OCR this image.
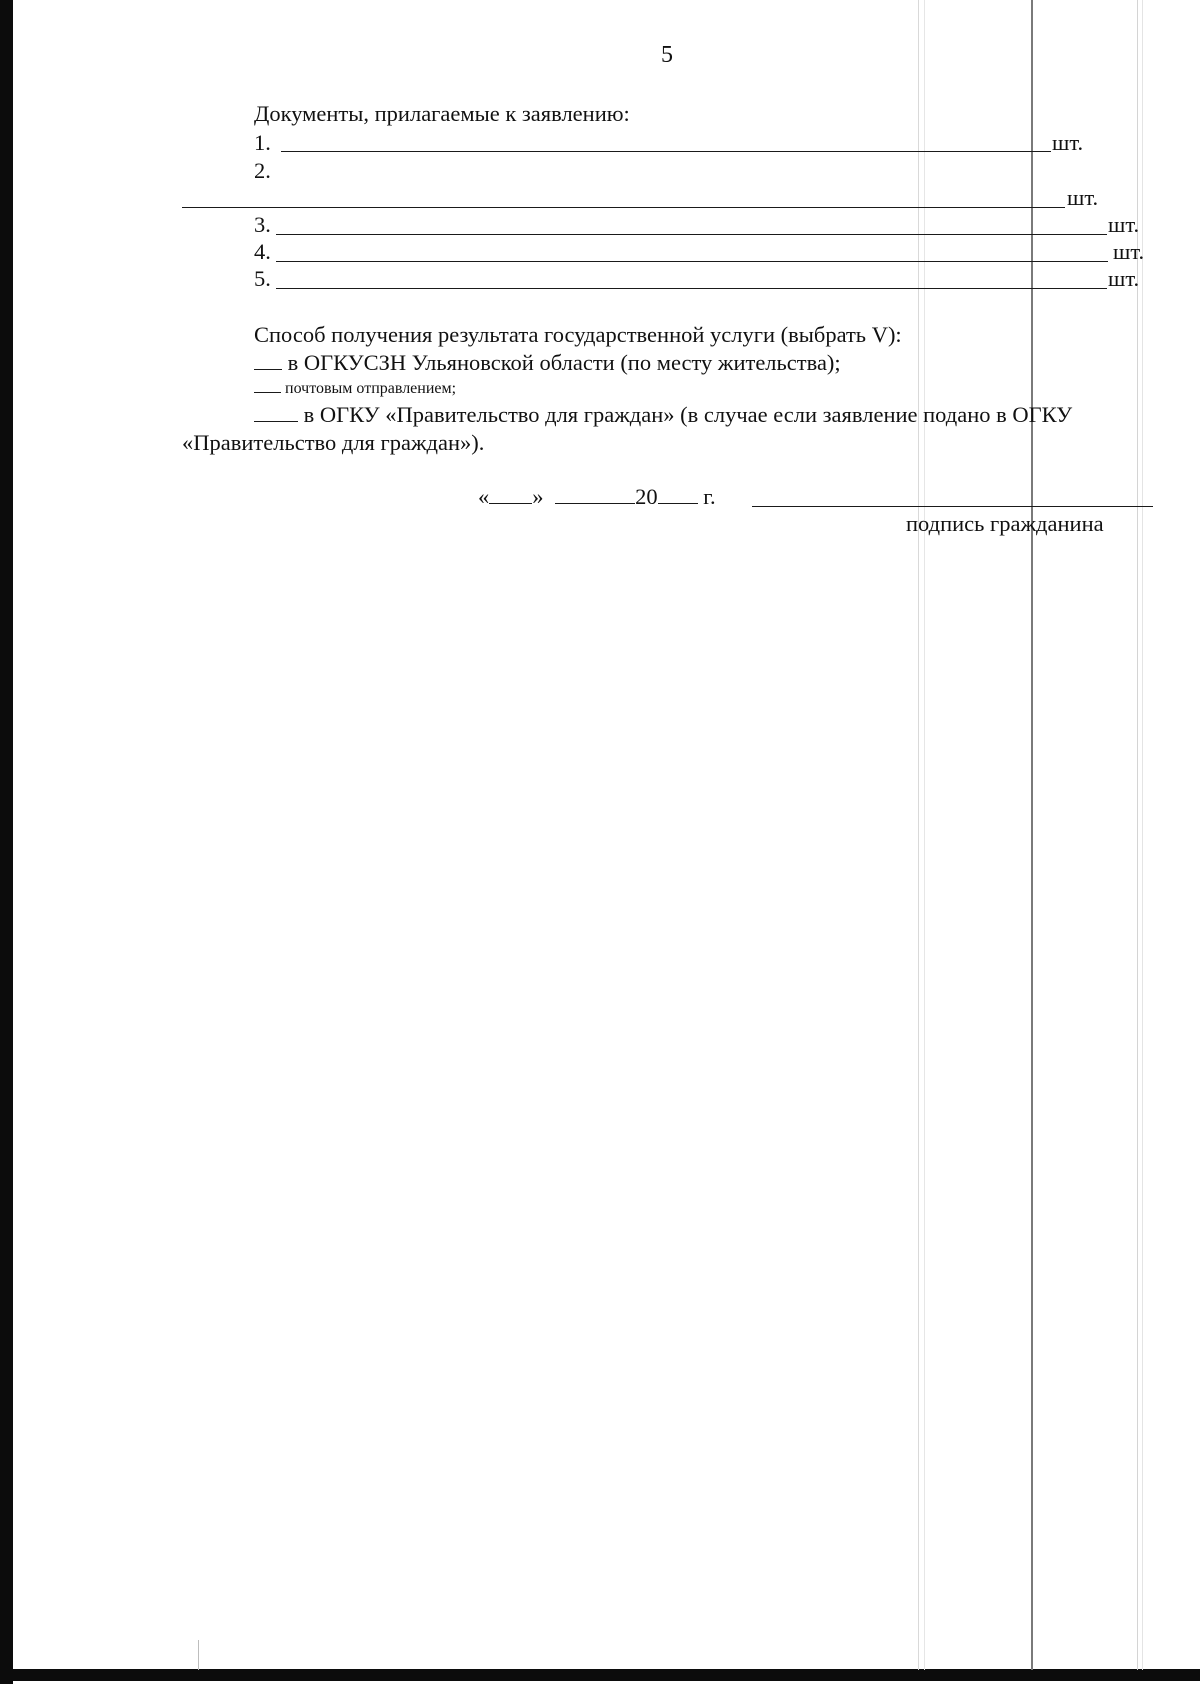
5
Документы, прилагаемые к заявлению:
1.	шт.
2.
шт.
3.	шт.
4.	шт.
5.	шт.
Способ получения результата государственной услуги (выбрать V):
в ОГКУСЗН Ульяновской области (по месту жительства);
почтовым отправлением;
в ОГКУ «Правительство для граждан» (в случае если заявление подано в ОГКУ
«Правительство для граждан»).
« »	20 г.
подпись гражданина
